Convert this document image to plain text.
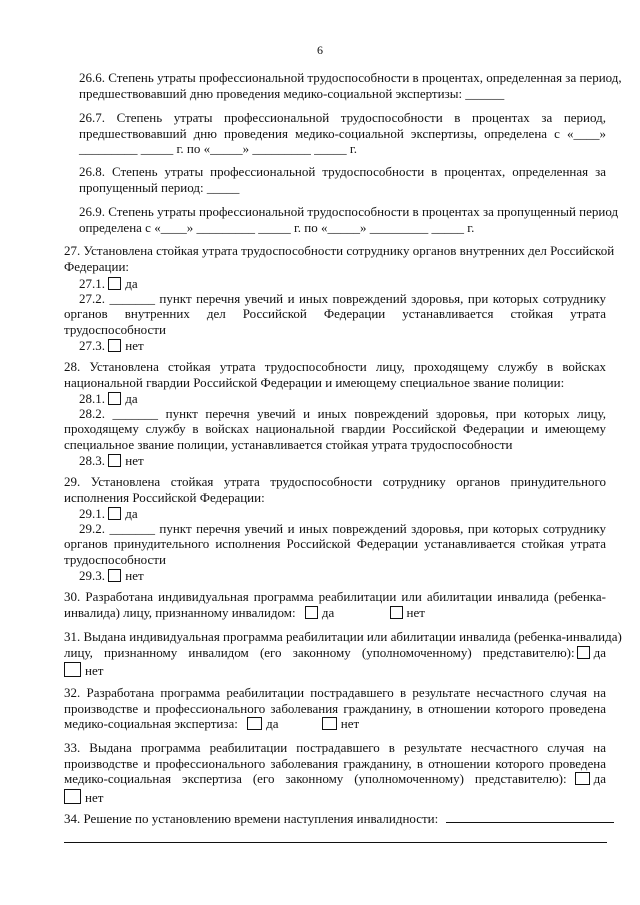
6
26.6. Степень утраты профессиональной трудоспособности в процентах, определенная за период,
предшествовавший дню проведения медико-социальной экспертизы: ______
26.7. Степень утраты профессиональной трудоспособности в процентах за период,
предшествовавший дню проведения медико-социальной экспертизы, определена с «____»
_________ _____ г. по «_____» _________ _____ г.
26.8. Степень утраты профессиональной трудоспособности в процентах, определенная за
пропущенный период: _____
26.9. Степень утраты профессиональной трудоспособности в процентах за пропущенный период
определена с «____» _________ _____ г. по «_____» _________ _____ г.
27. Установлена стойкая утрата трудоспособности сотруднику органов внутренних дел Российской
Федерации:
27.1. да
27.2. _______ пункт перечня увечий и иных повреждений здоровья, при которых сотруднику
органов внутренних дел Российской Федерации устанавливается стойкая утрата
трудоспособности
27.3. нет
28. Установлена стойкая утрата трудоспособности лицу, проходящему службу в войсках
национальной гвардии Российской Федерации и имеющему специальное звание полиции:
28.1. да
28.2. _______ пункт перечня увечий и иных повреждений здоровья, при которых лицу,
проходящему службу в войсках национальной гвардии Российской Федерации и имеющему
специальное звание полиции, устанавливается стойкая утрата трудоспособности
28.3. нет
29. Установлена стойкая утрата трудоспособности сотруднику органов принудительного
исполнения Российской Федерации:
29.1. да
29.2. _______ пункт перечня увечий и иных повреждений здоровья, при которых сотруднику
органов принудительного исполнения Российской Федерации устанавливается стойкая утрата
трудоспособности
29.3. нет
30. Разработана индивидуальная программа реабилитации или абилитации инвалида (ребенка-
инвалида) лицу, признанному инвалидом: да	нет
31. Выдана индивидуальная программа реабилитации или абилитации инвалида (ребенка-инвалида)
лицу, признанному инвалидом (его законному (уполномоченному) представителю): да
нет
32. Разработана программа реабилитации пострадавшего в результате несчастного случая на
производстве и профессионального заболевания гражданину, в отношении которого проведена
медико-социальная экспертиза: да	нет
33. Выдана программа реабилитации пострадавшего в результате несчастного случая на
производстве и профессионального заболевания гражданину, в отношении которого проведена
медико-социальная экспертиза (его законному (уполномоченному) представителю): да
нет
34. Решение по установлению времени наступления инвалидности:
